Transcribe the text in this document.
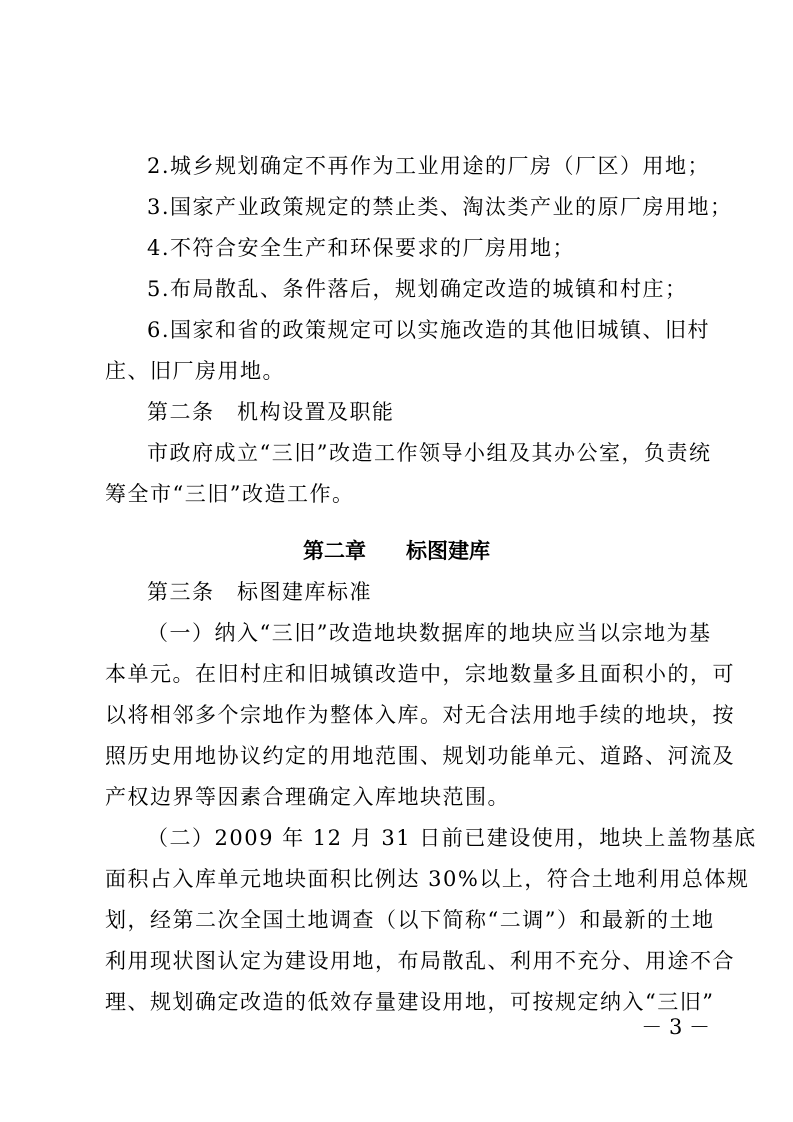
2.城乡规划确定不再作为工业用途的厂房（厂区）用地；
3.国家产业政策规定的禁止类、淘汰类产业的原厂房用地；
4.不符合安全生产和环保要求的厂房用地；
5.布局散乱、条件落后，规划确定改造的城镇和村庄；
6.国家和省的政策规定可以实施改造的其他旧城镇、旧村
庄、旧厂房用地。
第二条　机构设置及职能
市政府成立“三旧”改造工作领导小组及其办公室，负责统
筹全市“三旧”改造工作。
第二章 标图建库
第三条　标图建库标准
（一）纳入“三旧”改造地块数据库的地块应当以宗地为基
本单元。在旧村庄和旧城镇改造中，宗地数量多且面积小的，可
以将相邻多个宗地作为整体入库。对无合法用地手续的地块，按
照历史用地协议约定的用地范围、规划功能单元、道路、河流及
产权边界等因素合理确定入库地块范围。
（二）2009 年 12 月 31 日前已建设使用，地块上盖物基底
面积占入库单元地块面积比例达 30%以上，符合土地利用总体规
划，经第二次全国土地调查（以下简称“二调”）和最新的土地
利用现状图认定为建设用地，布局散乱、利用不充分、用途不合
理、规划确定改造的低效存量建设用地，可按规定纳入“三旧”
－ 3 －
